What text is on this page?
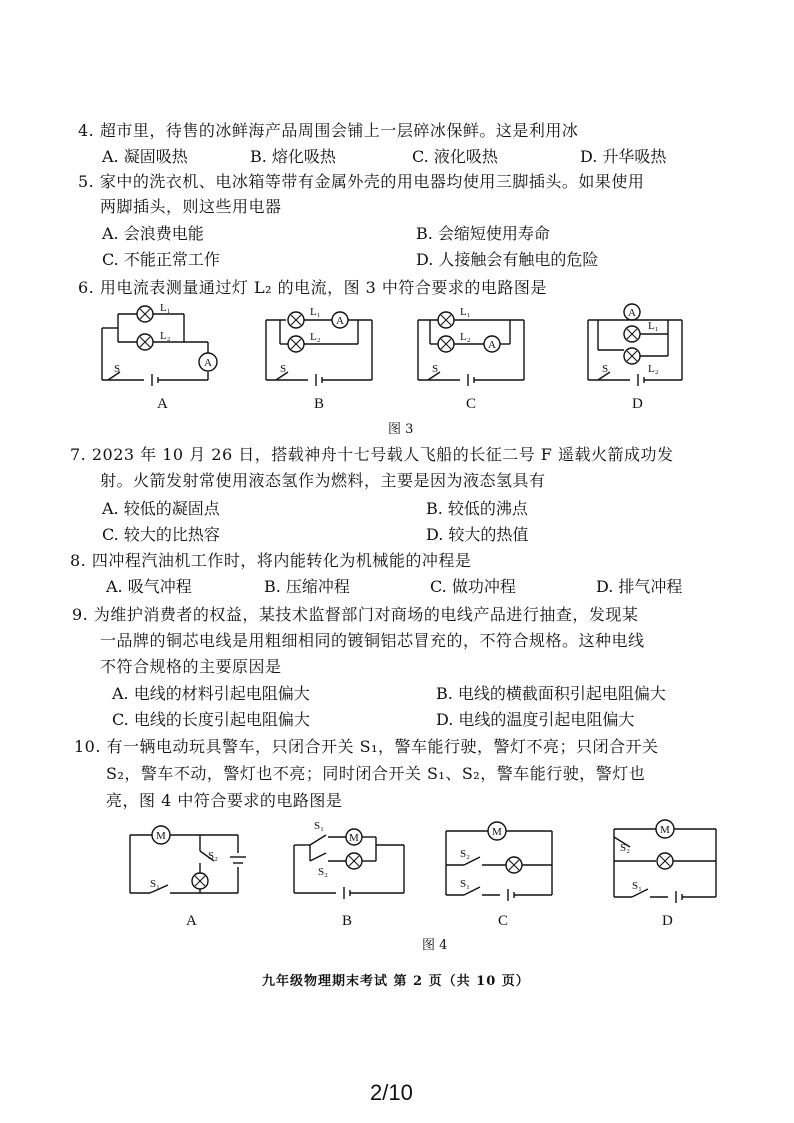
4. 超市里，待售的冰鲜海产品周围会铺上一层碎冰保鲜。这是利用冰
A. 凝固吸热	B. 熔化吸热	C. 液化吸热	D. 升华吸热
5. 家中的洗衣机、电冰箱等带有金属外壳的用电器均使用三脚插头。如果使用
两脚插头，则这些用电器
A. 会浪费电能	B. 会缩短使用寿命
C. 不能正常工作	D. 人接触会有触电的危险
6. 用电流表测量通过灯 L₂ 的电流，图 3 中符合要求的电路图是
A
L₁
L₂
S
A
L₁
L₂
S
A
L₁
L₂
S
A
L₁
L₂
S
A	B	C	D
图 3
7. 2023 年 10 月 26 日，搭载神舟十七号载人飞船的长征二号 F 遥载火箭成功发
射。火箭发射常使用液态氢作为燃料，主要是因为液态氢具有
A. 较低的凝固点	B. 较低的沸点
C. 较大的比热容	D. 较大的热值
8. 四冲程汽油机工作时，将内能转化为机械能的冲程是
A. 吸气冲程	B. 压缩冲程	C. 做功冲程	D. 排气冲程
9. 为维护消费者的权益，某技术监督部门对商场的电线产品进行抽查，发现某
一品牌的铜芯电线是用粗细相同的镀铜铝芯冒充的，不符合规格。这种电线
不符合规格的主要原因是
A. 电线的材料引起电阻偏大	B. 电线的横截面积引起电阻偏大
C. 电线的长度引起电阻偏大	D. 电线的温度引起电阻偏大
10. 有一辆电动玩具警车，只闭合开关 S₁，警车能行驶，警灯不亮；只闭合开关
S₂，警车不动，警灯也不亮；同时闭合开关 S₁、S₂，警车能行驶，警灯也
亮，图 4 中符合要求的电路图是
M
S₂
S₁
M
S₁
S₂
M
S₂
S₁
M
S₂
S₁
A	B	C	D
图 4
九年级物理期末考试 第 2 页（共 10 页）
2/10
